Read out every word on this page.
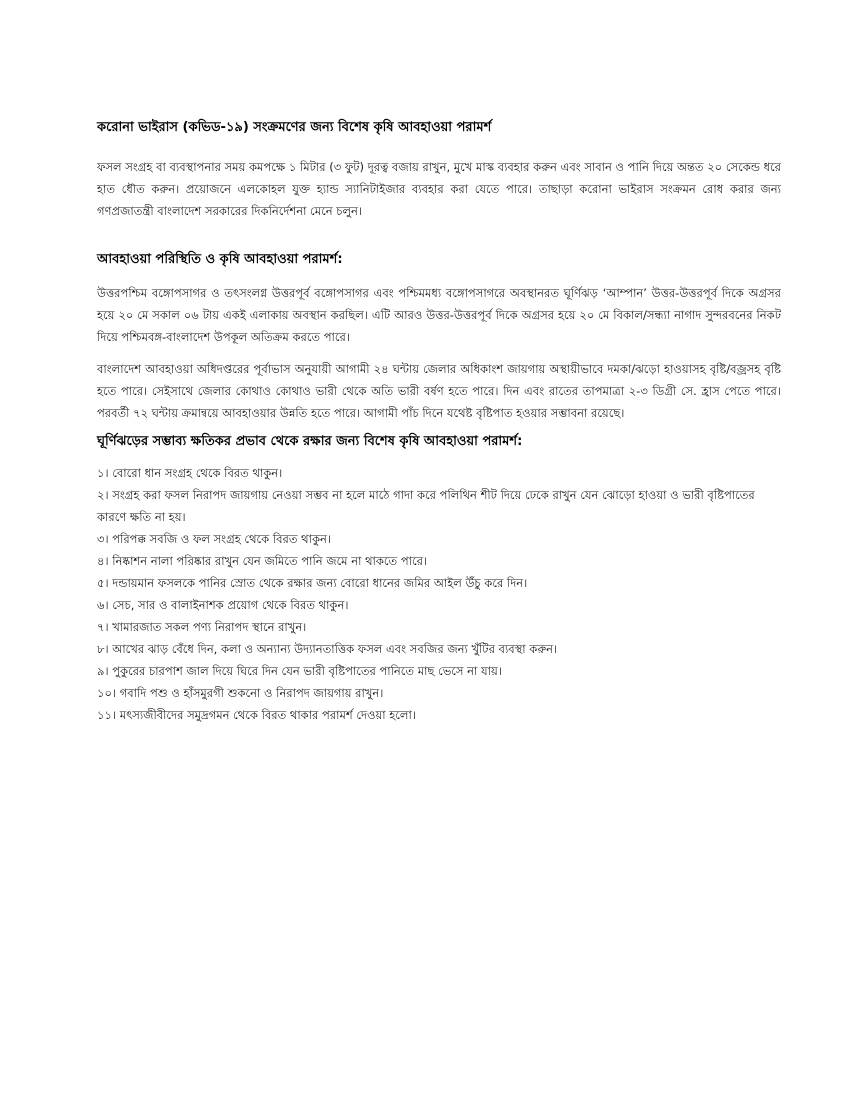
করোনা ভাইরাস (কভিড-১৯) সংক্রমণের জন্য বিশেষ কৃষি আবহাওয়া পরামর্শ

ফসল সংগ্রহ বা ব্যবস্থাপনার সময় কমপক্ষে ১ মিটার (৩ ফুট) দূরত্ব বজায় রাখুন, মুখে মাস্ক ব্যবহার করুন এবং সাবান ও পানি দিয়ে অন্তত ২০ সেকেন্ড ধরে হাত ধৌত করুন। প্রয়োজনে এলকোহল যুক্ত হ্যান্ড স্যানিটাইজার ব্যবহার করা যেতে পারে। তাছাড়া করোনা ভাইরাস সংক্রমন রোধ করার জন্য গণপ্রজাতন্ত্রী বাংলাদেশ সরকারের দিকনির্দেশনা মেনে চলুন।

আবহাওয়া পরিস্থিতি ও কৃষি আবহাওয়া পরামর্শ:

উত্তরপশ্চিম বঙ্গোপসাগর ও তৎসংলগ্ন উত্তরপূর্ব বঙ্গোপসাগর এবং পশ্চিমমধ্য বঙ্গোপসাগরে অবস্থানরত ঘূর্ণিঝড় ‘আম্পান’ উত্তর-উত্তরপূর্ব দিকে অগ্রসর হয়ে ২০ মে সকাল ০৬ টায় একই এলাকায় অবস্থান করছিল। এটি আরও উত্তর-উত্তরপূর্ব দিকে অগ্রসর হয়ে ২০ মে বিকাল/সন্ধ্যা নাগাদ সুন্দরবনের নিকট দিয়ে পশ্চিমবঙ্গ-বাংলাদেশ উপকূল অতিক্রম করতে পারে।

বাংলাদেশ আবহাওয়া অধিদপ্তরের পূর্বাভাস অনুযায়ী আগামী ২৪ ঘন্টায় জেলার অধিকাংশ জায়গায় অস্থায়ীভাবে দমকা/ঝড়ো হাওয়াসহ বৃষ্টি/বজ্রসহ বৃষ্টি হতে পারে। সেইসাথে জেলার কোথাও কোথাও ভারী থেকে অতি ভারী বর্ষণ হতে পারে। দিন এবং রাতের তাপমাত্রা ২-৩ ডিগ্রী সে. হ্রাস পেতে পারে। পরবর্তী ৭২ ঘন্টায় ক্রমান্বয়ে আবহাওয়ার উন্নতি হতে পারে। আগামী পাঁচ দিনে যথেষ্ট বৃষ্টিপাত হওয়ার সম্ভাবনা রয়েছে।

ঘূর্ণিঝড়ের সম্ভাব্য ক্ষতিকর প্রভাব থেকে রক্ষার জন্য বিশেষ কৃষি আবহাওয়া পরামর্শ:
১। বোরো ধান সংগ্রহ থেকে বিরত থাকুন।
২। সংগ্রহ করা ফসল নিরাপদ জায়গায় নেওয়া সম্ভব না হলে মাঠে গাদা করে পলিথিন শীট দিয়ে ঢেকে রাখুন যেন ঝোড়ো হাওয়া ও ভারী বৃষ্টিপাতের কারণে ক্ষতি না হয়।
৩। পরিপক্ক সবজি ও ফল সংগ্রহ থেকে বিরত থাকুন।
৪। নিষ্কাশন নালা পরিষ্কার রাখুন যেন জমিতে পানি জমে না থাকতে পারে।
৫। দন্ডায়মান ফসলকে পানির স্রোত থেকে রক্ষার জন্য বোরো ধানের জমির আইল উঁচু করে দিন।
৬। সেচ, সার ও বালাইনাশক প্রয়োগ থেকে বিরত থাকুন।
৭। খামারজাত সকল পণ্য নিরাপদ স্থানে রাখুন।
৮। আখের ঝাড় বেঁধে দিন, কলা ও অন্যান্য উদ্যানতাত্তিক ফসল এবং সবজির জন্য খুঁটির ব্যবস্থা করুন।
৯। পুকুরের চারপাশ জাল দিয়ে ঘিরে দিন যেন ভারী বৃষ্টিপাতের পানিতে মাছ ভেসে না যায়।
১০। গবাদি পশু ও হাঁসমুরগী শুকনো ও নিরাপদ জায়গায় রাখুন।
১১। মৎস্যজীবীদের সমুদ্রগমন থেকে বিরত থাকার পরামর্শ দেওয়া হলো।
